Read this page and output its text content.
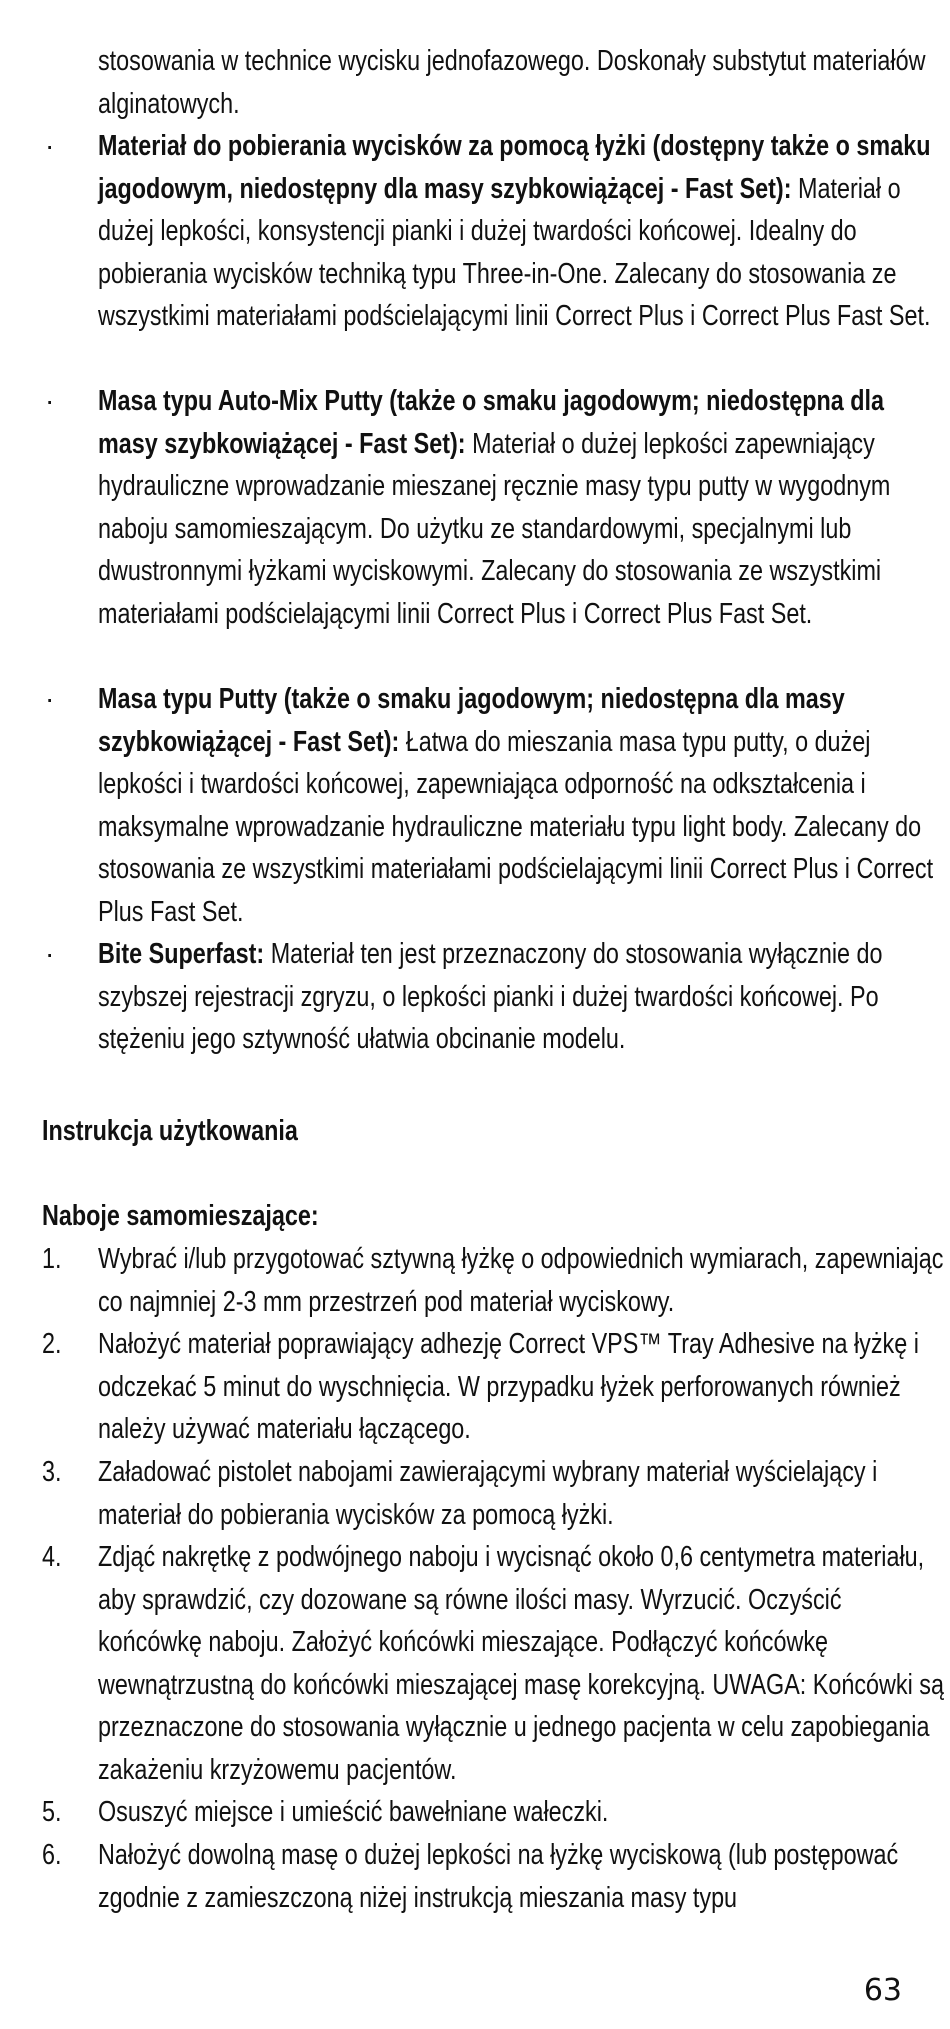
stosowania w technice wycisku jednofazowego. Doskonały substytut materiałów alginatowych.
· Materiał do pobierania wycisków za pomocą łyżki (dostępny także o smaku jagodowym, niedostępny dla masy szybkowiążącej - Fast Set): Materiał o dużej lepkości, konsystencji pianki i dużej twardości końcowej. Idealny do pobierania wycisków techniką typu Three-in-One. Zalecany do stosowania ze wszystkimi materiałami podścielającymi linii Correct Plus i Correct Plus Fast Set.
· Masa typu Auto-Mix Putty (także o smaku jagodowym; niedostępna dla masy szybkowiążącej - Fast Set): Materiał o dużej lepkości zapewniający hydrauliczne wprowadzanie mieszanej ręcznie masy typu putty w wygodnym naboju samomieszającym. Do użytku ze standardowymi, specjalnymi lub dwustronnymi łyżkami wyciskowymi. Zalecany do stosowania ze wszystkimi materiałami podścielającymi linii Correct Plus i Correct Plus Fast Set.
· Masa typu Putty (także o smaku jagodowym; niedostępna dla masy szybkowiążącej - Fast Set): Łatwa do mieszania masa typu putty, o dużej lepkości i twardości końcowej, zapewniająca odporność na odkształcenia i maksymalne wprowadzanie hydrauliczne materiału typu light body. Zalecany do stosowania ze wszystkimi materiałami podścielającymi linii Correct Plus i Correct Plus Fast Set.
· Bite Superfast: Materiał ten jest przeznaczony do stosowania wyłącznie do szybszej rejestracji zgryzu, o lepkości pianki i dużej twardości końcowej. Po stężeniu jego sztywność ułatwia obcinanie modelu.
Instrukcja użytkowania
Naboje samomieszające:
1. Wybrać i/lub przygotować sztywną łyżkę o odpowiednich wymiarach, zapewniając co najmniej 2-3 mm przestrzeń pod materiał wyciskowy.
2. Nałożyć materiał poprawiający adhezję Correct VPS™ Tray Adhesive na łyżkę i odczekać 5 minut do wyschnięcia. W przypadku łyżek perforowanych również należy używać materiału łączącego.
3. Załadować pistolet nabojami zawierającymi wybrany materiał wyścielający i materiał do pobierania wycisków za pomocą łyżki.
4. Zdjąć nakrętkę z podwójnego naboju i wycisnąć około 0,6 centymetra materiału, aby sprawdzić, czy dozowane są równe ilości masy. Wyrzucić. Oczyścić końcówkę naboju. Założyć końcówki mieszające. Podłączyć końcówkę wewnątrzustną do końcówki mieszającej masę korekcyjną. UWAGA: Końcówki są przeznaczone do stosowania wyłącznie u jednego pacjenta w celu zapobiegania zakażeniu krzyżowemu pacjentów.
5. Osuszyć miejsce i umieścić bawełniane wałeczki.
6. Nałożyć dowolną masę o dużej lepkości na łyżkę wyciskową (lub postępować zgodnie z zamieszczoną niżej instrukcją mieszania masy typu
63
